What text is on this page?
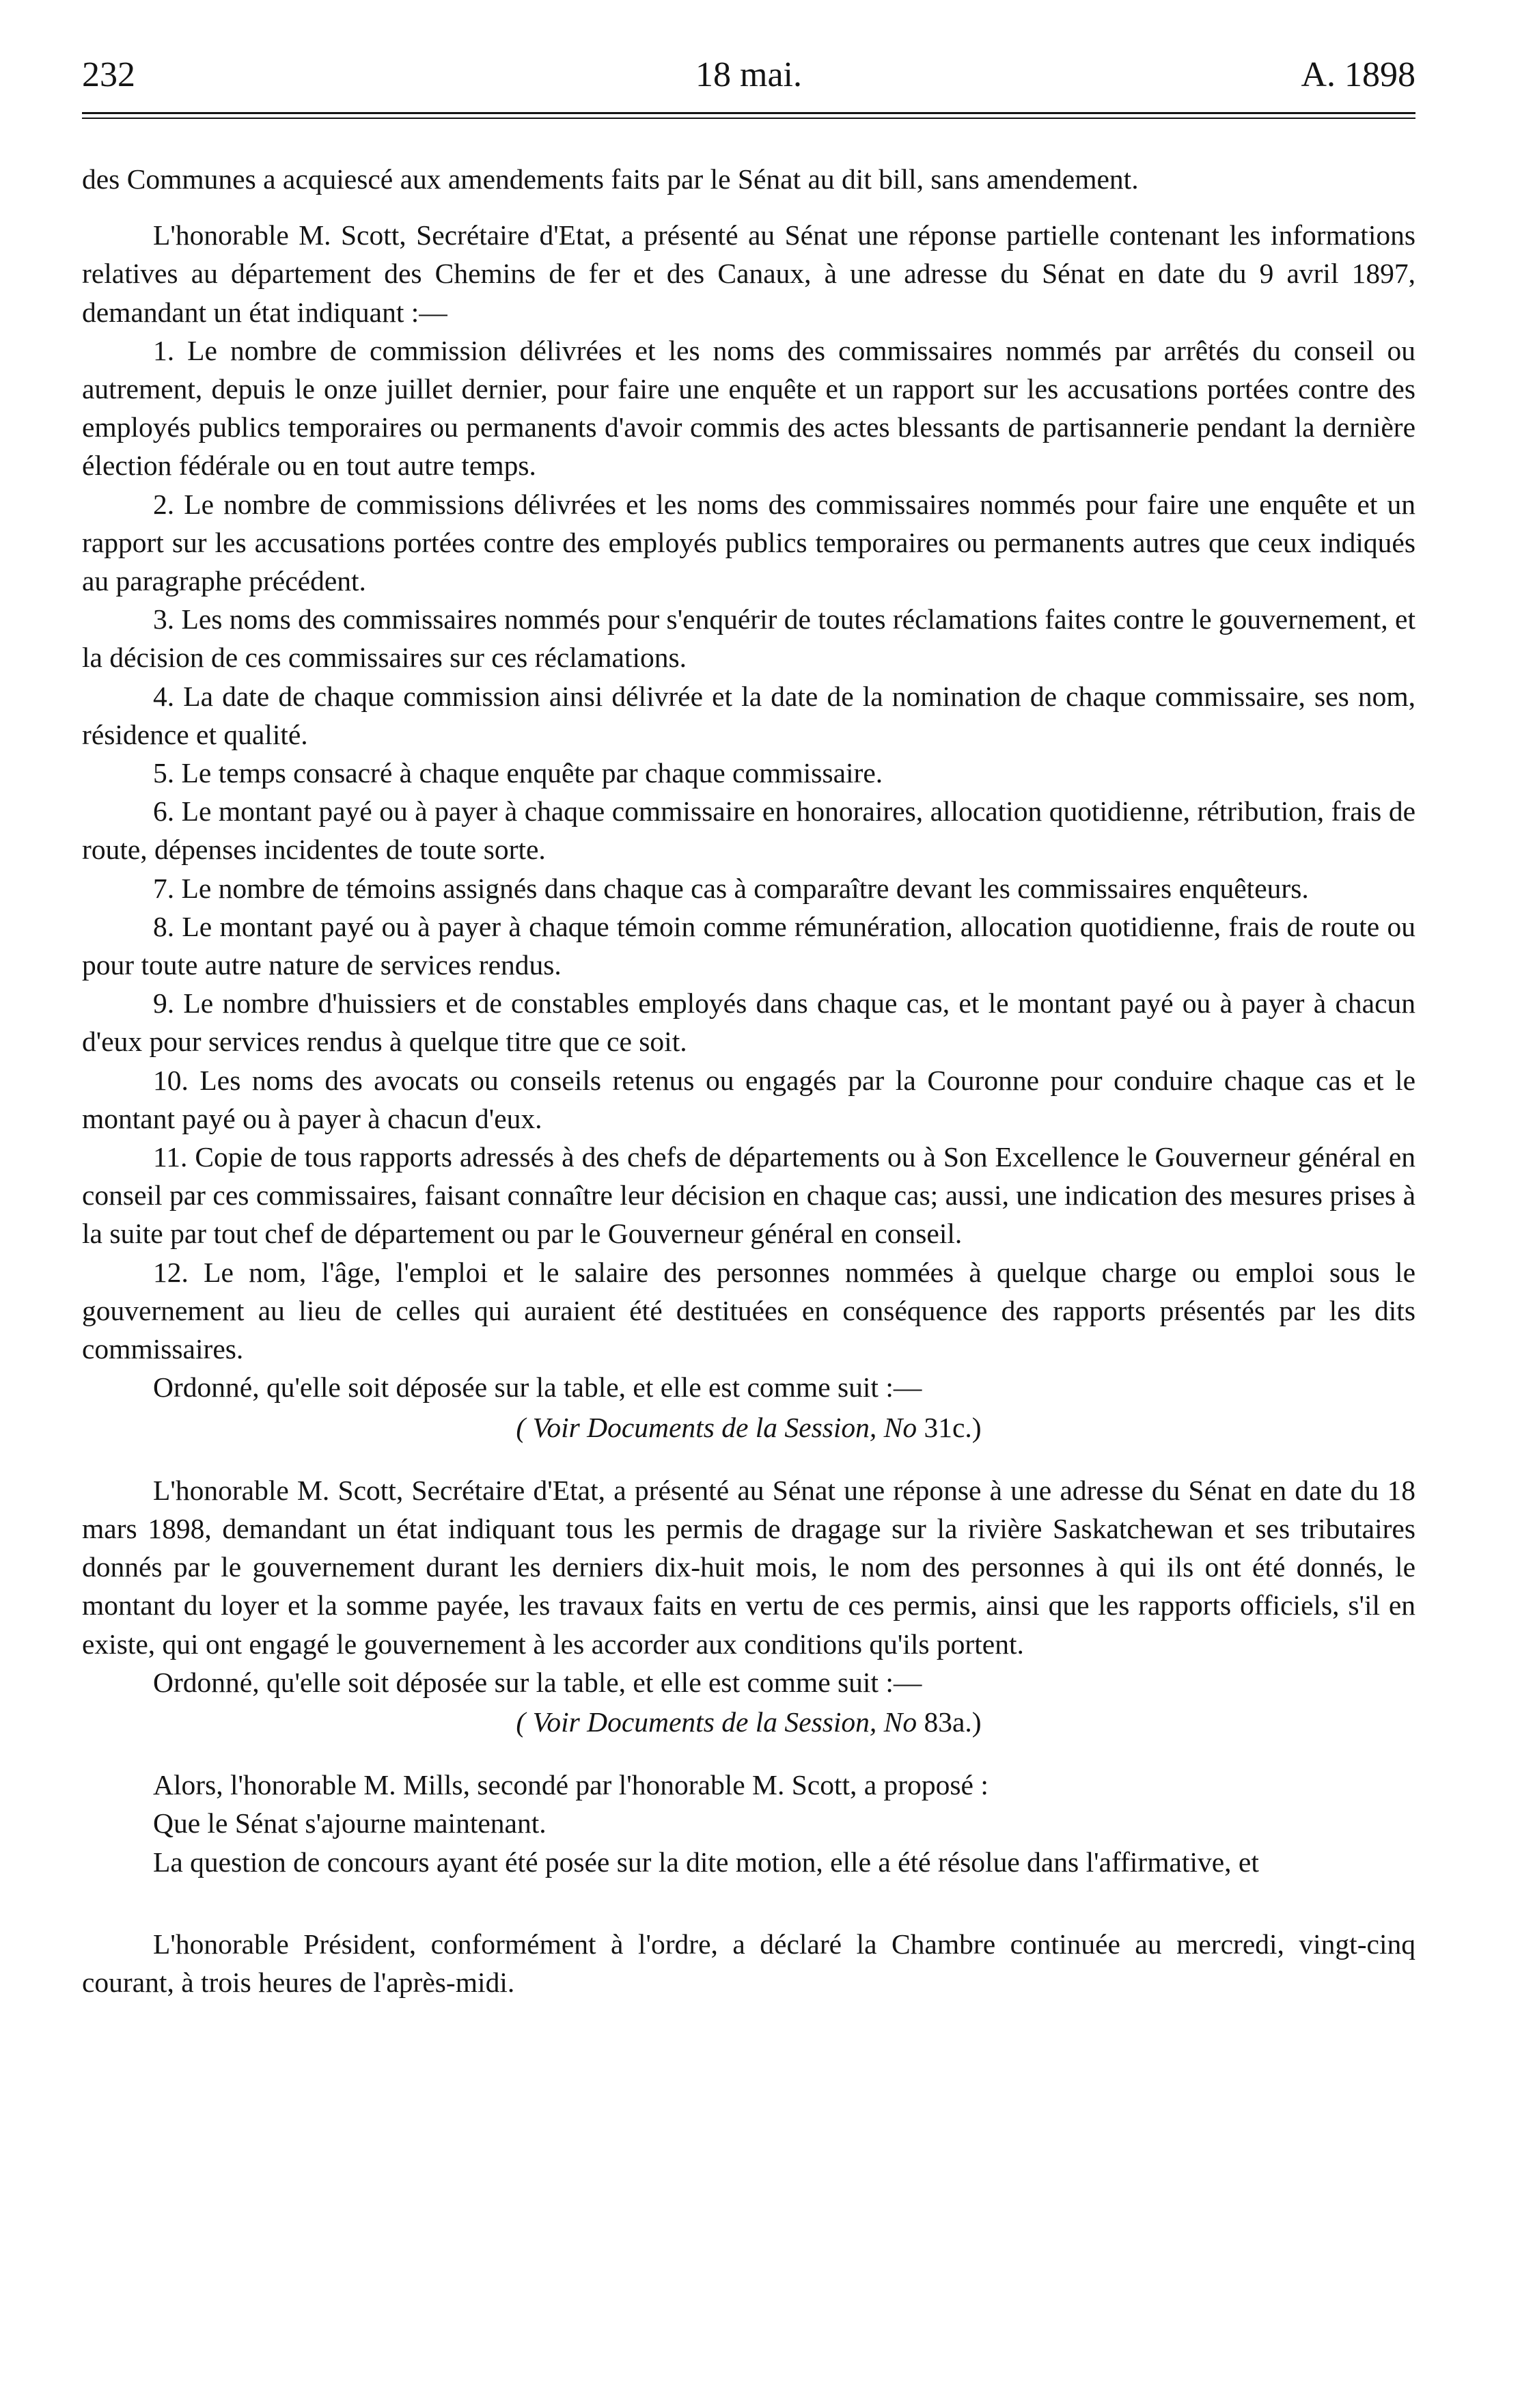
232	18 mai.	A. 1898

des Communes a acquiescé aux amendements faits par le Sénat au dit bill, sans amendement.

L'honorable M. Scott, Secrétaire d'Etat, a présenté au Sénat une réponse partielle contenant les informations relatives au département des Chemins de fer et des Canaux, à une adresse du Sénat en date du 9 avril 1897, demandant un état indiquant :—

1. Le nombre de commission délivrées et les noms des commissaires nommés par arrêtés du conseil ou autrement, depuis le onze juillet dernier, pour faire une enquête et un rapport sur les accusations portées contre des employés publics temporaires ou permanents d'avoir commis des actes blessants de partisannerie pendant la dernière élection fédérale ou en tout autre temps.

2. Le nombre de commissions délivrées et les noms des commissaires nommés pour faire une enquête et un rapport sur les accusations portées contre des employés publics temporaires ou permanents autres que ceux indiqués au paragraphe précédent.

3. Les noms des commissaires nommés pour s'enquérir de toutes réclamations faites contre le gouvernement, et la décision de ces commissaires sur ces réclamations.

4. La date de chaque commission ainsi délivrée et la date de la nomination de chaque commissaire, ses nom, résidence et qualité.

5. Le temps consacré à chaque enquête par chaque commissaire.

6. Le montant payé ou à payer à chaque commissaire en honoraires, allocation quotidienne, rétribution, frais de route, dépenses incidentes de toute sorte.

7. Le nombre de témoins assignés dans chaque cas à comparaître devant les commissaires enquêteurs.

8. Le montant payé ou à payer à chaque témoin comme rémunération, allocation quotidienne, frais de route ou pour toute autre nature de services rendus.

9. Le nombre d'huissiers et de constables employés dans chaque cas, et le montant payé ou à payer à chacun d'eux pour services rendus à quelque titre que ce soit.

10. Les noms des avocats ou conseils retenus ou engagés par la Couronne pour conduire chaque cas et le montant payé ou à payer à chacun d'eux.

11. Copie de tous rapports adressés à des chefs de départements ou à Son Excellence le Gouverneur général en conseil par ces commissaires, faisant connaître leur décision en chaque cas; aussi, une indication des mesures prises à la suite par tout chef de département ou par le Gouverneur général en conseil.

12. Le nom, l'âge, l'emploi et le salaire des personnes nommées à quelque charge ou emploi sous le gouvernement au lieu de celles qui auraient été destituées en conséquence des rapports présentés par les dits commissaires.

Ordonné, qu'elle soit déposée sur la table, et elle est comme suit :—

( Voir Documents de la Session, No 31c.)

L'honorable M. Scott, Secrétaire d'Etat, a présenté au Sénat une réponse à une adresse du Sénat en date du 18 mars 1898, demandant un état indiquant tous les permis de dragage sur la rivière Saskatchewan et ses tributaires donnés par le gouvernement durant les derniers dix-huit mois, le nom des personnes à qui ils ont été donnés, le montant du loyer et la somme payée, les travaux faits en vertu de ces permis, ainsi que les rapports officiels, s'il en existe, qui ont engagé le gouvernement à les accorder aux conditions qu'ils portent.

Ordonné, qu'elle soit déposée sur la table, et elle est comme suit :—

( Voir Documents de la Session, No 83a.)

Alors, l'honorable M. Mills, secondé par l'honorable M. Scott, a proposé :

Que le Sénat s'ajourne maintenant.

La question de concours ayant été posée sur la dite motion, elle a été résolue dans l'affirmative, et

L'honorable Président, conformément à l'ordre, a déclaré la Chambre continuée au mercredi, vingt-cinq courant, à trois heures de l'après-midi.
